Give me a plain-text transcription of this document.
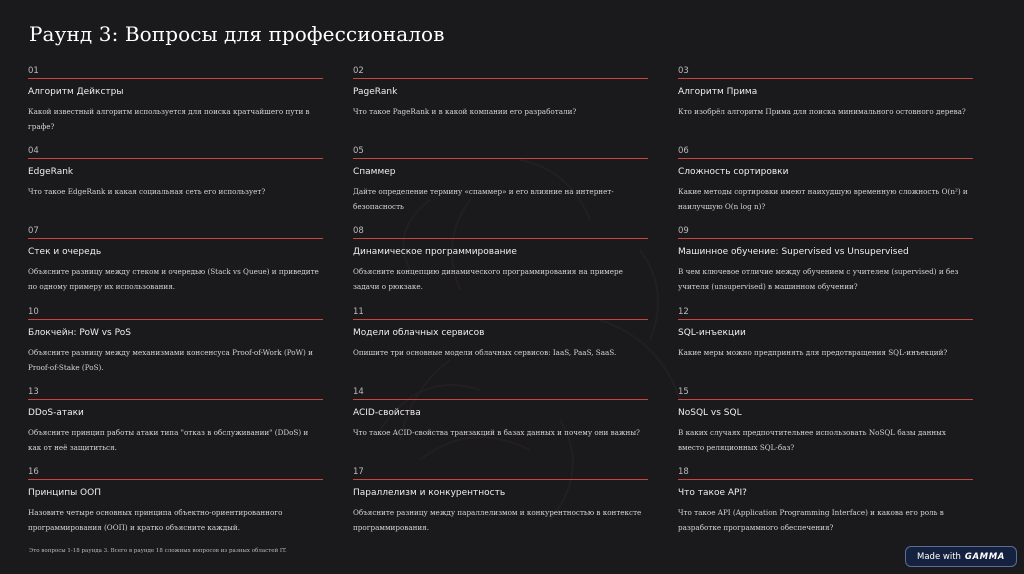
Раунд 3: Вопросы для профессионалов
01
Алгоритм Дейкстры
Какой известный алгоритм используется для поиска кратчайшего пути в графе?
02
PageRank
Что такое PageRank и в какой компании его разработали?
03
Алгоритм Прима
Кто изобрёл алгоритм Прима для поиска минимального остовного дерева?
04
EdgeRank
Что такое EdgeRank и какая социальная сеть его использует?
05
Спаммер
Дайте определение термину «спаммер» и его влияние на интернет-безопасность
06
Сложность сортировки
Какие методы сортировки имеют наихудшую временную сложность O(n²) и наилучшую O(n log n)?
07
Стек и очередь
Объясните разницу между стеком и очередью (Stack vs Queue) и приведите по одному примеру их использования.
08
Динамическое программирование
Объясните концепцию динамического программирования на примере задачи о рюкзаке.
09
Машинное обучение: Supervised vs Unsupervised
В чем ключевое отличие между обучением с учителем (supervised) и без учителя (unsupervised) в машинном обучении?
10
Блокчейн: PoW vs PoS
Объясните разницу между механизмами консенсуса Proof-of-Work (PoW) и Proof-of-Stake (PoS).
11
Модели облачных сервисов
Опишите три основные модели облачных сервисов: IaaS, PaaS, SaaS.
12
SQL-инъекции
Какие меры можно предпринять для предотвращения SQL-инъекций?
13
DDoS-атаки
Объясните принцип работы атаки типа "отказ в обслуживании" (DDoS) и как от неё защититься.
14
ACID-свойства
Что такое ACID-свойства транзакций в базах данных и почему они важны?
15
NoSQL vs SQL
В каких случаях предпочтительнее использовать NoSQL базы данных вместо реляционных SQL-баз?
16
Принципы ООП
Назовите четыре основных принципа объектно-ориентированного программирования (ООП) и кратко объясните каждый.
17
Параллелизм и конкурентность
Объясните разницу между параллелизмом и конкурентностью в контексте программирования.
18
Что такое API?
Что такое API (Application Programming Interface) и какова его роль в разработке программного обеспечения?
Это вопросы 1-18 раунда 3. Всего в раунде 18 сложных вопросов из разных областей IT.
Made with GAMMA
